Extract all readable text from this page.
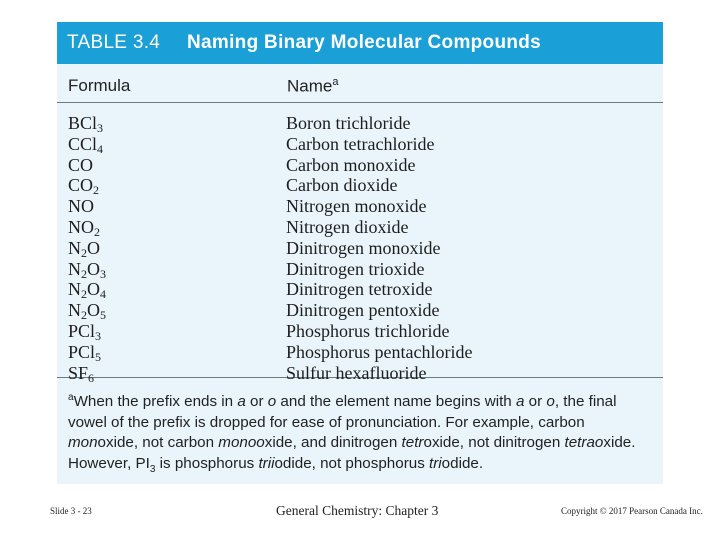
TABLE 3.4	Naming Binary Molecular Compounds
Formula	Name$^a$
BCl$_3$	Boron trichloride
CCl$_4$	Carbon tetrachloride
CO	Carbon monoxide
$CO_2$	Carbon dioxide
NO	Nitrogen monoxide
$NO_2$	Nitrogen dioxide
$N_2O$	Dinitrogen monoxide
$N_2O_3$	Dinitrogen trioxide
$N_2O_4$	Dinitrogen tetroxide
$N_2O_5$	Dinitrogen pentoxide
PCl$_3$	Phosphorus trichloride
PCl$_5$	Phosphorus pentachloride
$SF_6$	Sulfur hexafluoride
$^a$When the prefix ends in a or o and the element name begins with a or o, the final vowel of the prefix is dropped for ease of pronunciation. For example, carbon monoxide, not carbon monooxide, and dinitrogen tetroxide, not dinitrogen tetraoxide. However, $PI_3$ is phosphorus triiodide, not phosphorus triodide.
Slide 3 - 23	General Chemistry: Chapter 3	Copyright © 2017 Pearson Canada Inc.
